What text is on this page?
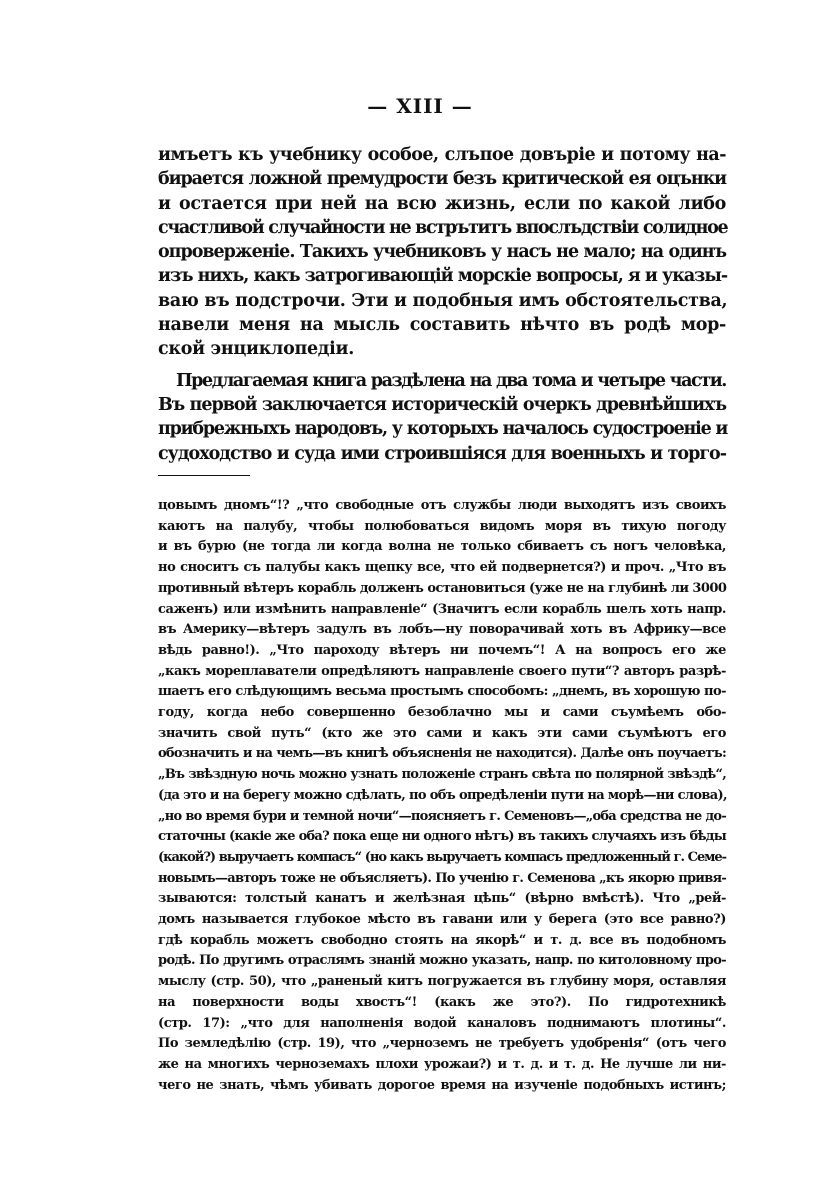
— XIII —
имъетъ къ учебнику особое, слъпое довъріе и потому на-
бирается ложной премудрости безъ критической ея оцънки
и остается при ней на всю жизнь, если по какой либо
счастливой случайности не встрътитъ впослъдствіи солидное
опроверженіе. Такихъ учебниковъ у насъ не мало; на одинъ
изъ нихъ, какъ затрогивающій морскіе вопросы, я и указы-
ваю въ подстрочи. Эти и подобныя имъ обстоятельства,
навели меня на мысль составить нѣчто въ родѣ мор-
ской энциклопедіи.
Предлагаемая книга раздѣлена на два тома и четыре части.
Въ первой заключается историческій очеркъ древнѣйшихъ
прибрежныхъ народовъ, у которыхъ началось судостроеніе и
судоходство и суда ими строившіяся для военныхъ и торго-
цовымъ дномъ“!? „что свободные отъ службы люди выходятъ изъ своихъ
каютъ на палубу, чтобы полюбоваться видомъ моря въ тихую погоду
и въ бурю (не тогда ли когда волна не только сбиваетъ съ ногъ человѣка,
но сноситъ съ палубы какъ щепку все, что ей подвернется?) и проч. „Что въ
противный вѣтеръ корабль долженъ остановиться (уже не на глубинѣ ли 3000
саженъ) или измѣнить направленіе“ (Значитъ если корабль шелъ хоть напр.
въ Америку—вѣтеръ задулъ въ лобъ—ну поворачивай хоть въ Африку—все
вѣдь равно!). „Что пароходу вѣтеръ ни почемъ“! А на вопросъ его же
„какъ мореплаватели опредѣляютъ направленіе своего пути“? авторъ разрѣ-
шаетъ его слѣдующимъ весьма простымъ способомъ: „днемъ, въ хорошую по-
году, когда небо совершенно безоблачно мы и сами съумѣемъ обо-
значить свой путь“ (кто же это сами и какъ эти сами съумѣютъ его
обозначить и на чемъ—въ книгѣ объясненія не находится). Далѣе онъ поучаетъ:
„Въ звѣздную ночь можно узнать положеніе странъ свѣта по полярной звѣздѣ“,
(да это и на берегу можно сдѣлать, по объ опредѣленіи пути на морѣ—ни слова),
„но во время бури и темной ночи“—поясняетъ г. Семеновъ—„оба средства не до-
статочны (какіе же оба? пока еще ни одного нѣтъ) въ такихъ случаяхъ изъ бѣды
(какой?) выручаетъ компасъ“ (но какъ выручаетъ компасъ предложенный г. Семе-
новымъ—авторъ тоже не объясляетъ). По ученію г. Семенова „къ якорю привя-
зываются: толстый канатъ и желѣзная цѣпь“ (вѣрно вмѣстѣ). Что „рей-
домъ называется глубокое мѣсто въ гавани или у берега (это все равно?)
гдѣ корабль можетъ свободно стоять на якорѣ“ и т. д. все въ подобномъ
родѣ. По другимъ отраслямъ знаній можно указать, напр. по китоловному про-
мыслу (стр. 50), что „раненый китъ погружается въ глубину моря, оставляя
на поверхности воды хвостъ“! (какъ же это?). По гидротехникѣ
(стр. 17): „что для наполненія водой каналовъ поднимаютъ плотины“.
По земледѣлію (стр. 19), что „черноземъ не требуетъ удобренія“ (отъ чего
же на многихъ черноземахъ плохи урожаи?) и т. д. и т. д. Не лучше ли ни-
чего не знать, чѣмъ убивать дорогое время на изученіе подобныхъ истинъ;
